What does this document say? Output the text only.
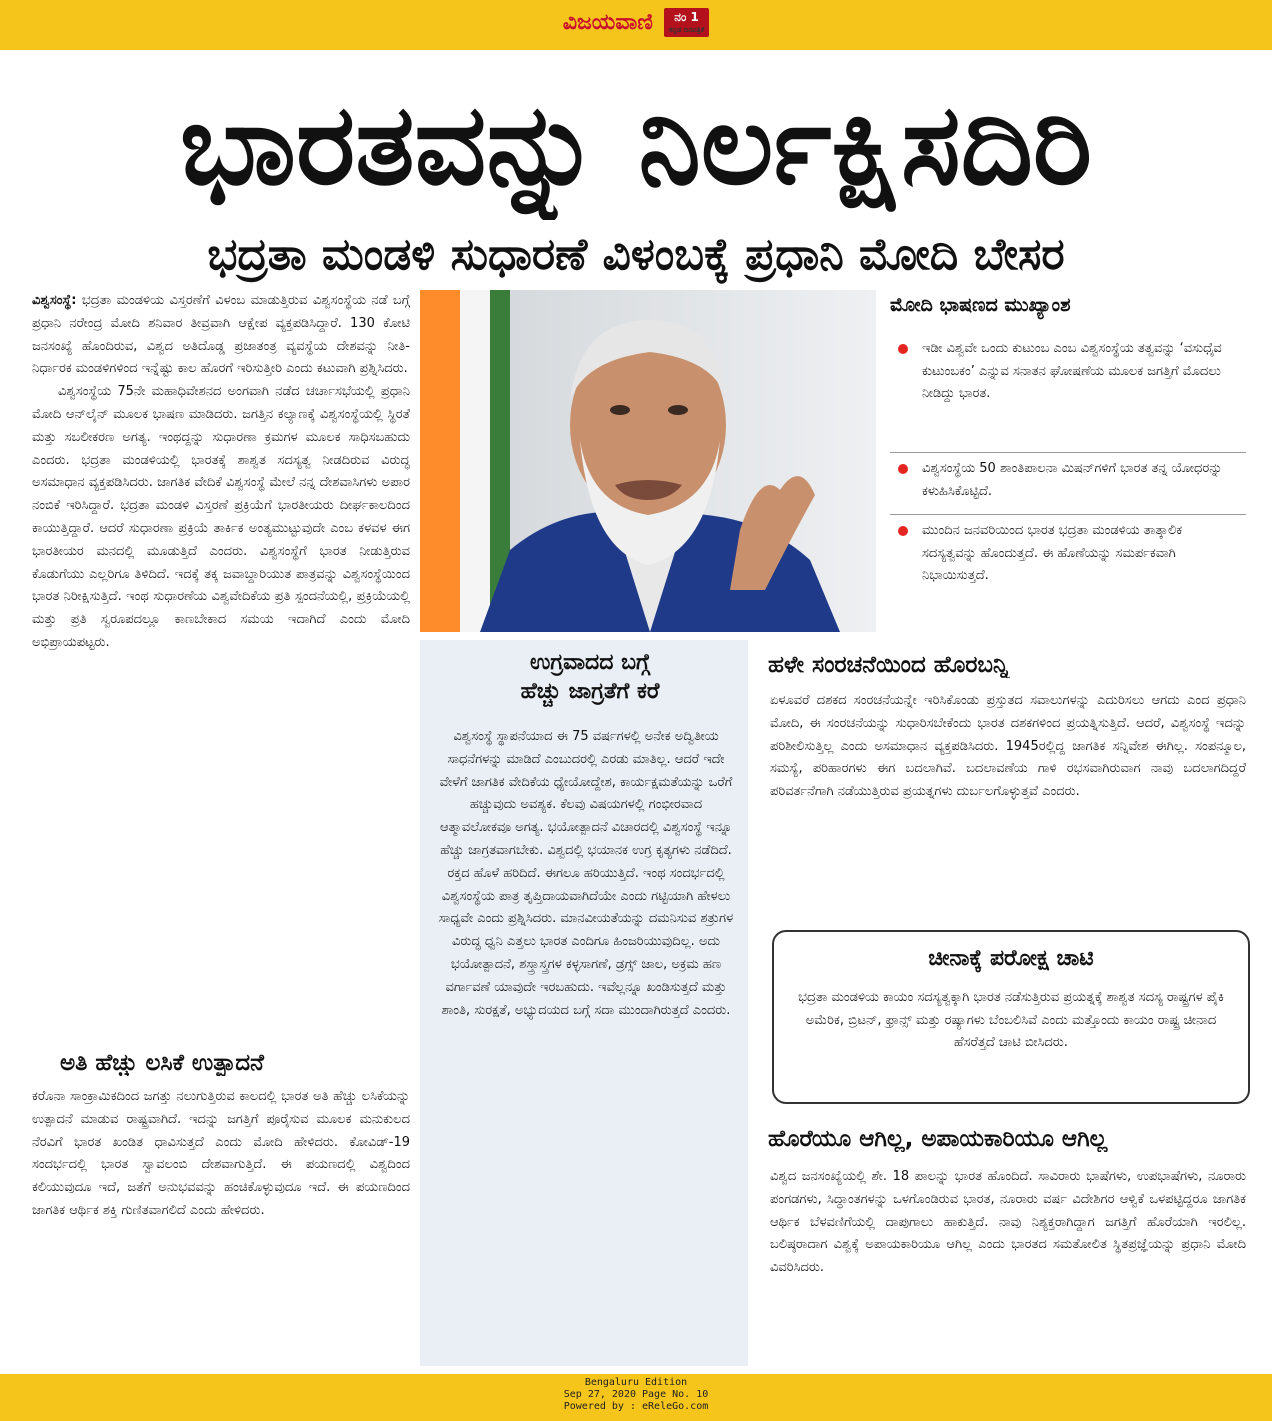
ವಿಜಯವಾಣಿ ನಂ 1
ಕನ್ನಡ ದಿನಪತ್ರಿಕೆ
ಭಾರತವನ್ನು ನಿರ್ಲಕ್ಷಿಸದಿರಿ
ಭದ್ರತಾ ಮಂಡಳಿ ಸುಧಾರಣೆ ವಿಳಂಬಕ್ಕೆ ಪ್ರಧಾನಿ ಮೋದಿ ಬೇಸರ

ವಿಶ್ವಸಂಸ್ಥೆ: ಭದ್ರತಾ ಮಂಡಳಿಯ ವಿಸ್ತರಣೆಗೆ ವಿಳಂಬ ಮಾಡುತ್ತಿರುವ ವಿಶ್ವಸಂಸ್ಥೆಯ ನಡೆ ಬಗ್ಗೆ ಪ್ರಧಾನಿ ನರೇಂದ್ರ ಮೋದಿ ಶನಿವಾರ ತೀವ್ರವಾಗಿ ಆಕ್ಷೇಪ ವ್ಯಕ್ತಪಡಿಸಿದ್ದಾರೆ. 130 ಕೋಟಿ ಜನಸಂಖ್ಯೆ ಹೊಂದಿರುವ, ವಿಶ್ವದ ಅತಿದೊಡ್ಡ ಪ್ರಜಾತಂತ್ರ ವ್ಯವಸ್ಥೆಯ ದೇಶವನ್ನು ನೀತಿ-ನಿರ್ಧಾರಕ ಮಂಡಳಿಗಳಿಂದ ಇನ್ನೆಷ್ಟು ಕಾಲ ಹೊರಗೆ ಇರಿಸುತ್ತೀರಿ ಎಂದು ಕಟುವಾಗಿ ಪ್ರಶ್ನಿಸಿದರು.

ವಿಶ್ವಸಂಸ್ಥೆಯ 75ನೇ ಮಹಾಧಿವೇಶನದ ಅಂಗವಾಗಿ ನಡೆದ ಚರ್ಚಾಸಭೆಯಲ್ಲಿ ಪ್ರಧಾನಿ ಮೋದಿ ಆನ್‌ಲೈನ್ ಮೂಲಕ ಭಾಷಣ ಮಾಡಿದರು. ಜಗತ್ತಿನ ಕಲ್ಯಾಣಕ್ಕೆ ವಿಶ್ವಸಂಸ್ಥೆಯಲ್ಲಿ ಸ್ಥಿರತೆ ಮತ್ತು ಸಬಲೀಕರಣ ಅಗತ್ಯ. ಇಂಥದ್ದನ್ನು ಸುಧಾರಣಾ ಕ್ರಮಗಳ ಮೂಲಕ ಸಾಧಿಸಬಹುದು ಎಂದರು. ಭದ್ರತಾ ಮಂಡಳಿಯಲ್ಲಿ ಭಾರತಕ್ಕೆ ಶಾಶ್ವತ ಸದಸ್ಯತ್ವ ನೀಡದಿರುವ ವಿರುದ್ಧ ಅಸಮಾಧಾನ ವ್ಯಕ್ತಪಡಿಸಿದರು. ಜಾಗತಿಕ ವೇದಿಕೆ ವಿಶ್ವಸಂಸ್ಥೆ ಮೇಲೆ ನನ್ನ ದೇಶವಾಸಿಗಳು ಅಪಾರ ನಂಬಿಕೆ ಇರಿಸಿದ್ದಾರೆ. ಭದ್ರತಾ ಮಂಡಳಿ ವಿಸ್ತರಣೆ ಪ್ರಕ್ರಿಯೆಗೆ ಭಾರತೀಯರು ದೀರ್ಘಕಾಲದಿಂದ ಕಾಯುತ್ತಿದ್ದಾರೆ. ಆದರೆ ಸುಧಾರಣಾ ಪ್ರಕ್ರಿಯೆ ತಾರ್ಕಿಕ ಅಂತ್ಯಮುಟ್ಟುವುದೇ ಎಂಬ ಕಳವಳ ಈಗ ಭಾರತೀಯರ ಮನದಲ್ಲಿ ಮೂಡುತ್ತಿದೆ ಎಂದರು. ವಿಶ್ವಸಂಸ್ಥೆಗೆ ಭಾರತ ನೀಡುತ್ತಿರುವ ಕೊಡುಗೆಯು ಎಲ್ಲರಿಗೂ ತಿಳಿದಿದೆ. ಇದಕ್ಕೆ ತಕ್ಕ ಜವಾಬ್ದಾರಿಯುತ ಪಾತ್ರವನ್ನು ವಿಶ್ವಸಂಸ್ಥೆಯಿಂದ ಭಾರತ ನಿರೀಕ್ಷಿಸುತ್ತಿದೆ. ಇಂಥ ಸುಧಾರಣೆಯ ವಿಶ್ವವೇದಿಕೆಯ ಪ್ರತಿ ಸ್ಪಂದನೆಯಲ್ಲಿ, ಪ್ರಕ್ರಿಯೆಯಲ್ಲಿ ಮತ್ತು ಪ್ರತಿ ಸ್ವರೂಪದಲ್ಲೂ ಕಾಣಬೇಕಾದ ಸಮಯ ಇದಾಗಿದೆ ಎಂದು ಮೋದಿ ಅಭಿಪ್ರಾಯಪಟ್ಟರು.

ಅತಿ ಹೆಚ್ಚು ಲಸಿಕೆ ಉತ್ಪಾದನೆ

ಕರೊನಾ ಸಾಂಕ್ರಾಮಿಕದಿಂದ ಜಗತ್ತು ನಲುಗುತ್ತಿರುವ ಕಾಲದಲ್ಲಿ ಭಾರತ ಅತಿ ಹೆಚ್ಚು ಲಸಿಕೆಯನ್ನು ಉತ್ಪಾದನೆ ಮಾಡುವ ರಾಷ್ಟ್ರವಾಗಿದೆ. ಇದನ್ನು ಜಗತ್ತಿಗೆ ಪೂರೈಸುವ ಮೂಲಕ ಮನುಕುಲದ ನೆರವಿಗೆ ಭಾರತ ಖಂಡಿತ ಧಾವಿಸುತ್ತದೆ ಎಂದು ಮೋದಿ ಹೇಳಿದರು. ಕೋವಿಡ್-19 ಸಂದರ್ಭದಲ್ಲಿ ಭಾರತ ಸ್ವಾವಲಂಬಿ ದೇಶವಾಗುತ್ತಿದೆ. ಈ ಪಯಣದಲ್ಲಿ ವಿಶ್ವದಿಂದ ಕಲಿಯುವುದೂ ಇದೆ, ಜತೆಗೆ ಅನುಭವವನ್ನು ಹಂಚಿಕೊಳ್ಳುವುದೂ ಇದೆ. ಈ ಪಯಣದಿಂದ ಜಾಗತಿಕ ಆರ್ಥಿಕ ಶಕ್ತಿ ಗುಣಿತವಾಗಲಿದೆ ಎಂದು ಹೇಳಿದರು.

ಉಗ್ರವಾದದ ಬಗ್ಗೆ
ಹೆಚ್ಚು ಜಾಗ್ರತೆಗೆ ಕರೆ

ವಿಶ್ವಸಂಸ್ಥೆ ಸ್ಥಾಪನೆಯಾದ ಈ 75 ವರ್ಷಗಳಲ್ಲಿ ಅನೇಕ ಅದ್ವಿತೀಯ ಸಾಧನೆಗಳನ್ನು ಮಾಡಿದೆ ಎಂಬುದರಲ್ಲಿ ಎರಡು ಮಾತಿಲ್ಲ. ಆದರೆ ಇದೇ ವೇಳೆಗೆ ಜಾಗತಿಕ ವೇದಿಕೆಯ ಧ್ಯೇಯೋದ್ದೇಶ, ಕಾರ್ಯಕ್ಷಮತೆಯನ್ನು ಒರೆಗೆ ಹಚ್ಚುವುದು ಅವಶ್ಯಕ. ಕೆಲವು ವಿಷಯಗಳಲ್ಲಿ ಗಂಭೀರವಾದ ಆತ್ಮಾವಲೋಕವೂ ಅಗತ್ಯ. ಭಯೋತ್ಪಾದನೆ ವಿಚಾರದಲ್ಲಿ ವಿಶ್ವಸಂಸ್ಥೆ ಇನ್ನೂ ಹೆಚ್ಚು ಜಾಗ್ರತವಾಗಬೇಕು. ವಿಶ್ವದಲ್ಲಿ ಭಯಾನಕ ಉಗ್ರ ಕೃತ್ಯಗಳು ನಡೆದಿದೆ. ರಕ್ತದ ಹೊಳೆ ಹರಿದಿದೆ. ಈಗಲೂ ಹರಿಯುತ್ತಿದೆ. ಇಂಥ ಸಂದರ್ಭದಲ್ಲಿ ವಿಶ್ವಸಂಸ್ಥೆಯ ಪಾತ್ರ ತೃಪ್ತಿದಾಯವಾಗಿದೆಯೇ ಎಂದು ಗಟ್ಟಿಯಾಗಿ ಹೇಳಲು ಸಾಧ್ಯವೇ ಎಂದು ಪ್ರಶ್ನಿಸಿದರು. ಮಾನವೀಯತೆಯನ್ನು ದಮನಿಸುವ ಶತ್ರುಗಳ ವಿರುದ್ಧ ಧ್ವನಿ ಎತ್ತಲು ಭಾರತ ಎಂದಿಗೂ ಹಿಂಜರಿಯುವುದಿಲ್ಲ. ಅದು ಭಯೋತ್ಪಾದನೆ, ಶಸ್ತ್ರಾಸ್ತ್ರಗಳ ಕಳ್ಳಸಾಗಣೆ, ಡ್ರಗ್ಸ್ ಜಾಲ, ಅಕ್ರಮ ಹಣ ವರ್ಗಾವಣೆ ಯಾವುದೇ ಇರಬಹುದು. ಇವೆಲ್ಲನ್ನೂ ಖಂಡಿಸುತ್ತದೆ ಮತ್ತು ಶಾಂತಿ, ಸುರಕ್ಷತೆ, ಅಭ್ಯುದಯದ ಬಗ್ಗೆ ಸದಾ ಮುಂದಾಗಿರುತ್ತದೆ ಎಂದರು.

ಮೋದಿ ಭಾಷಣದ ಮುಖ್ಯಾಂಶ
ಇಡೀ ವಿಶ್ವವೇ ಒಂದು ಕುಟುಂಬ ಎಂಬ ವಿಶ್ವಸಂಸ್ಥೆಯ ತತ್ವವನ್ನು ‘ವಸುಧೈವ ಕುಟುಂಬಕಂ’ ಎನ್ನುವ ಸನಾತನ ಘೋಷಣೆಯ ಮೂಲಕ ಜಗತ್ತಿಗೆ ಮೊದಲು ನೀಡಿದ್ದು ಭಾರತ.
ವಿಶ್ವಸಂಸ್ಥೆಯ 50 ಶಾಂತಿಪಾಲನಾ ಮಿಷನ್‌ಗಳಿಗೆ ಭಾರತ ತನ್ನ ಯೋಧರನ್ನು ಕಳುಹಿಸಿಕೊಟ್ಟಿದೆ.
ಮುಂದಿನ ಜನವರಿಯಿಂದ ಭಾರತ ಭದ್ರತಾ ಮಂಡಳಿಯ ತಾತ್ಕಾಲಿಕ ಸದಸ್ಯತ್ವವನ್ನು ಹೊಂದುತ್ತದೆ. ಈ ಹೊಣೆಯನ್ನು ಸಮರ್ಪಕವಾಗಿ ನಿಭಾಯಿಸುತ್ತದೆ.
ಹಳೇ ಸಂರಚನೆಯಿಂದ ಹೊರಬನ್ನಿ

ಏಳೂವರೆ ದಶಕದ ಸಂರಚನೆಯನ್ನೇ ಇರಿಸಿಕೊಂಡು ಪ್ರಸ್ತುತದ ಸವಾಲುಗಳನ್ನು ಎದುರಿಸಲು ಆಗದು ಎಂದ ಪ್ರಧಾನಿ ಮೋದಿ, ಈ ಸಂರಚನೆಯನ್ನು ಸುಧಾರಿಸಬೇಕೆಂದು ಭಾರತ ದಶಕಗಳಿಂದ ಪ್ರಯತ್ನಿಸುತ್ತಿದೆ. ಆದರೆ, ವಿಶ್ವಸಂಸ್ಥೆ ಇದನ್ನು ಪರಿಶೀಲಿಸುತ್ತಿಲ್ಲ ಎಂದು ಅಸಮಾಧಾನ ವ್ಯಕ್ತಪಡಿಸಿದರು. 1945ರಲ್ಲಿದ್ದ ಜಾಗತಿಕ ಸನ್ನಿವೇಶ ಈಗಿಲ್ಲ. ಸಂಪನ್ಮೂಲ, ಸಮಸ್ಯೆ, ಪರಿಹಾರಗಳು ಈಗ ಬದಲಾಗಿವೆ. ಬದಲಾವಣೆಯ ಗಾಳಿ ರಭಸವಾಗಿರುವಾಗ ನಾವು ಬದಲಾಗದಿದ್ದರೆ ಪರಿವರ್ತನೆಗಾಗಿ ನಡೆಯುತ್ತಿರುವ ಪ್ರಯತ್ನಗಳು ದುರ್ಬಲಗೊಳ್ಳುತ್ತವೆ ಎಂದರು.

ಚೀನಾಕ್ಕೆ ಪರೋಕ್ಷ ಚಾಟಿ
ಭದ್ರತಾ ಮಂಡಳಿಯ ಕಾಯಂ ಸದಸ್ಯತ್ವಕ್ಕಾಗಿ ಭಾರತ ನಡೆಸುತ್ತಿರುವ ಪ್ರಯತ್ನಕ್ಕೆ ಶಾಶ್ವತ ಸದಸ್ಯ ರಾಷ್ಟ್ರಗಳ ಪೈಕಿ ಅಮೆರಿಕ, ಬ್ರಿಟನ್, ಫ್ರಾನ್ಸ್ ಮತ್ತು ರಷ್ಯಾಗಳು ಬೆಂಬಲಿಸಿವೆ ಎಂದು ಮತ್ತೊಂದು ಕಾಯಂ ರಾಷ್ಟ್ರ ಚೀನಾದ ಹೆಸರೆತ್ತದೆ ಚಾಟಿ ಬೀಸಿದರು.
ಹೊರೆಯೂ ಆಗಿಲ್ಲ, ಅಪಾಯಕಾರಿಯೂ ಆಗಿಲ್ಲ

ವಿಶ್ವದ ಜನಸಂಖ್ಯೆಯಲ್ಲಿ ಶೇ. 18 ಪಾಲನ್ನು ಭಾರತ ಹೊಂದಿದೆ. ಸಾವಿರಾರು ಭಾಷೆಗಳು, ಉಪಭಾಷೆಗಳು, ನೂರಾರು ಪಂಗಡಗಳು, ಸಿದ್ಧಾಂತಗಳನ್ನು ಒಳಗೊಂಡಿರುವ ಭಾರತ, ನೂರಾರು ವರ್ಷ ವಿದೇಶಿಗರ ಆಳ್ವಿಕೆ ಒಳಪಟ್ಟಿದ್ದರೂ ಜಾಗತಿಕ ಆರ್ಥಿಕ ಬೆಳವಣಿಗೆಯಲ್ಲಿ ದಾಪುಗಾಲು ಹಾಕುತ್ತಿದೆ. ನಾವು ನಿಶ್ಯಕ್ತರಾಗಿದ್ದಾಗ ಜಗತ್ತಿಗೆ ಹೊರೆಯಾಗಿ ಇರಲಿಲ್ಲ. ಬಲಿಷ್ಠರಾದಾಗ ವಿಶ್ವಕ್ಕೆ ಅಪಾಯಕಾರಿಯೂ ಆಗಿಲ್ಲ ಎಂದು ಭಾರತದ ಸಮತೋಲಿತ ಸ್ಥಿತಪ್ರಜ್ಞೆಯನ್ನು ಪ್ರಧಾನಿ ಮೋದಿ ವಿವರಿಸಿದರು.

Bengaluru Edition
Sep 27, 2020 Page No. 10
Powered by : eReleGo.com
